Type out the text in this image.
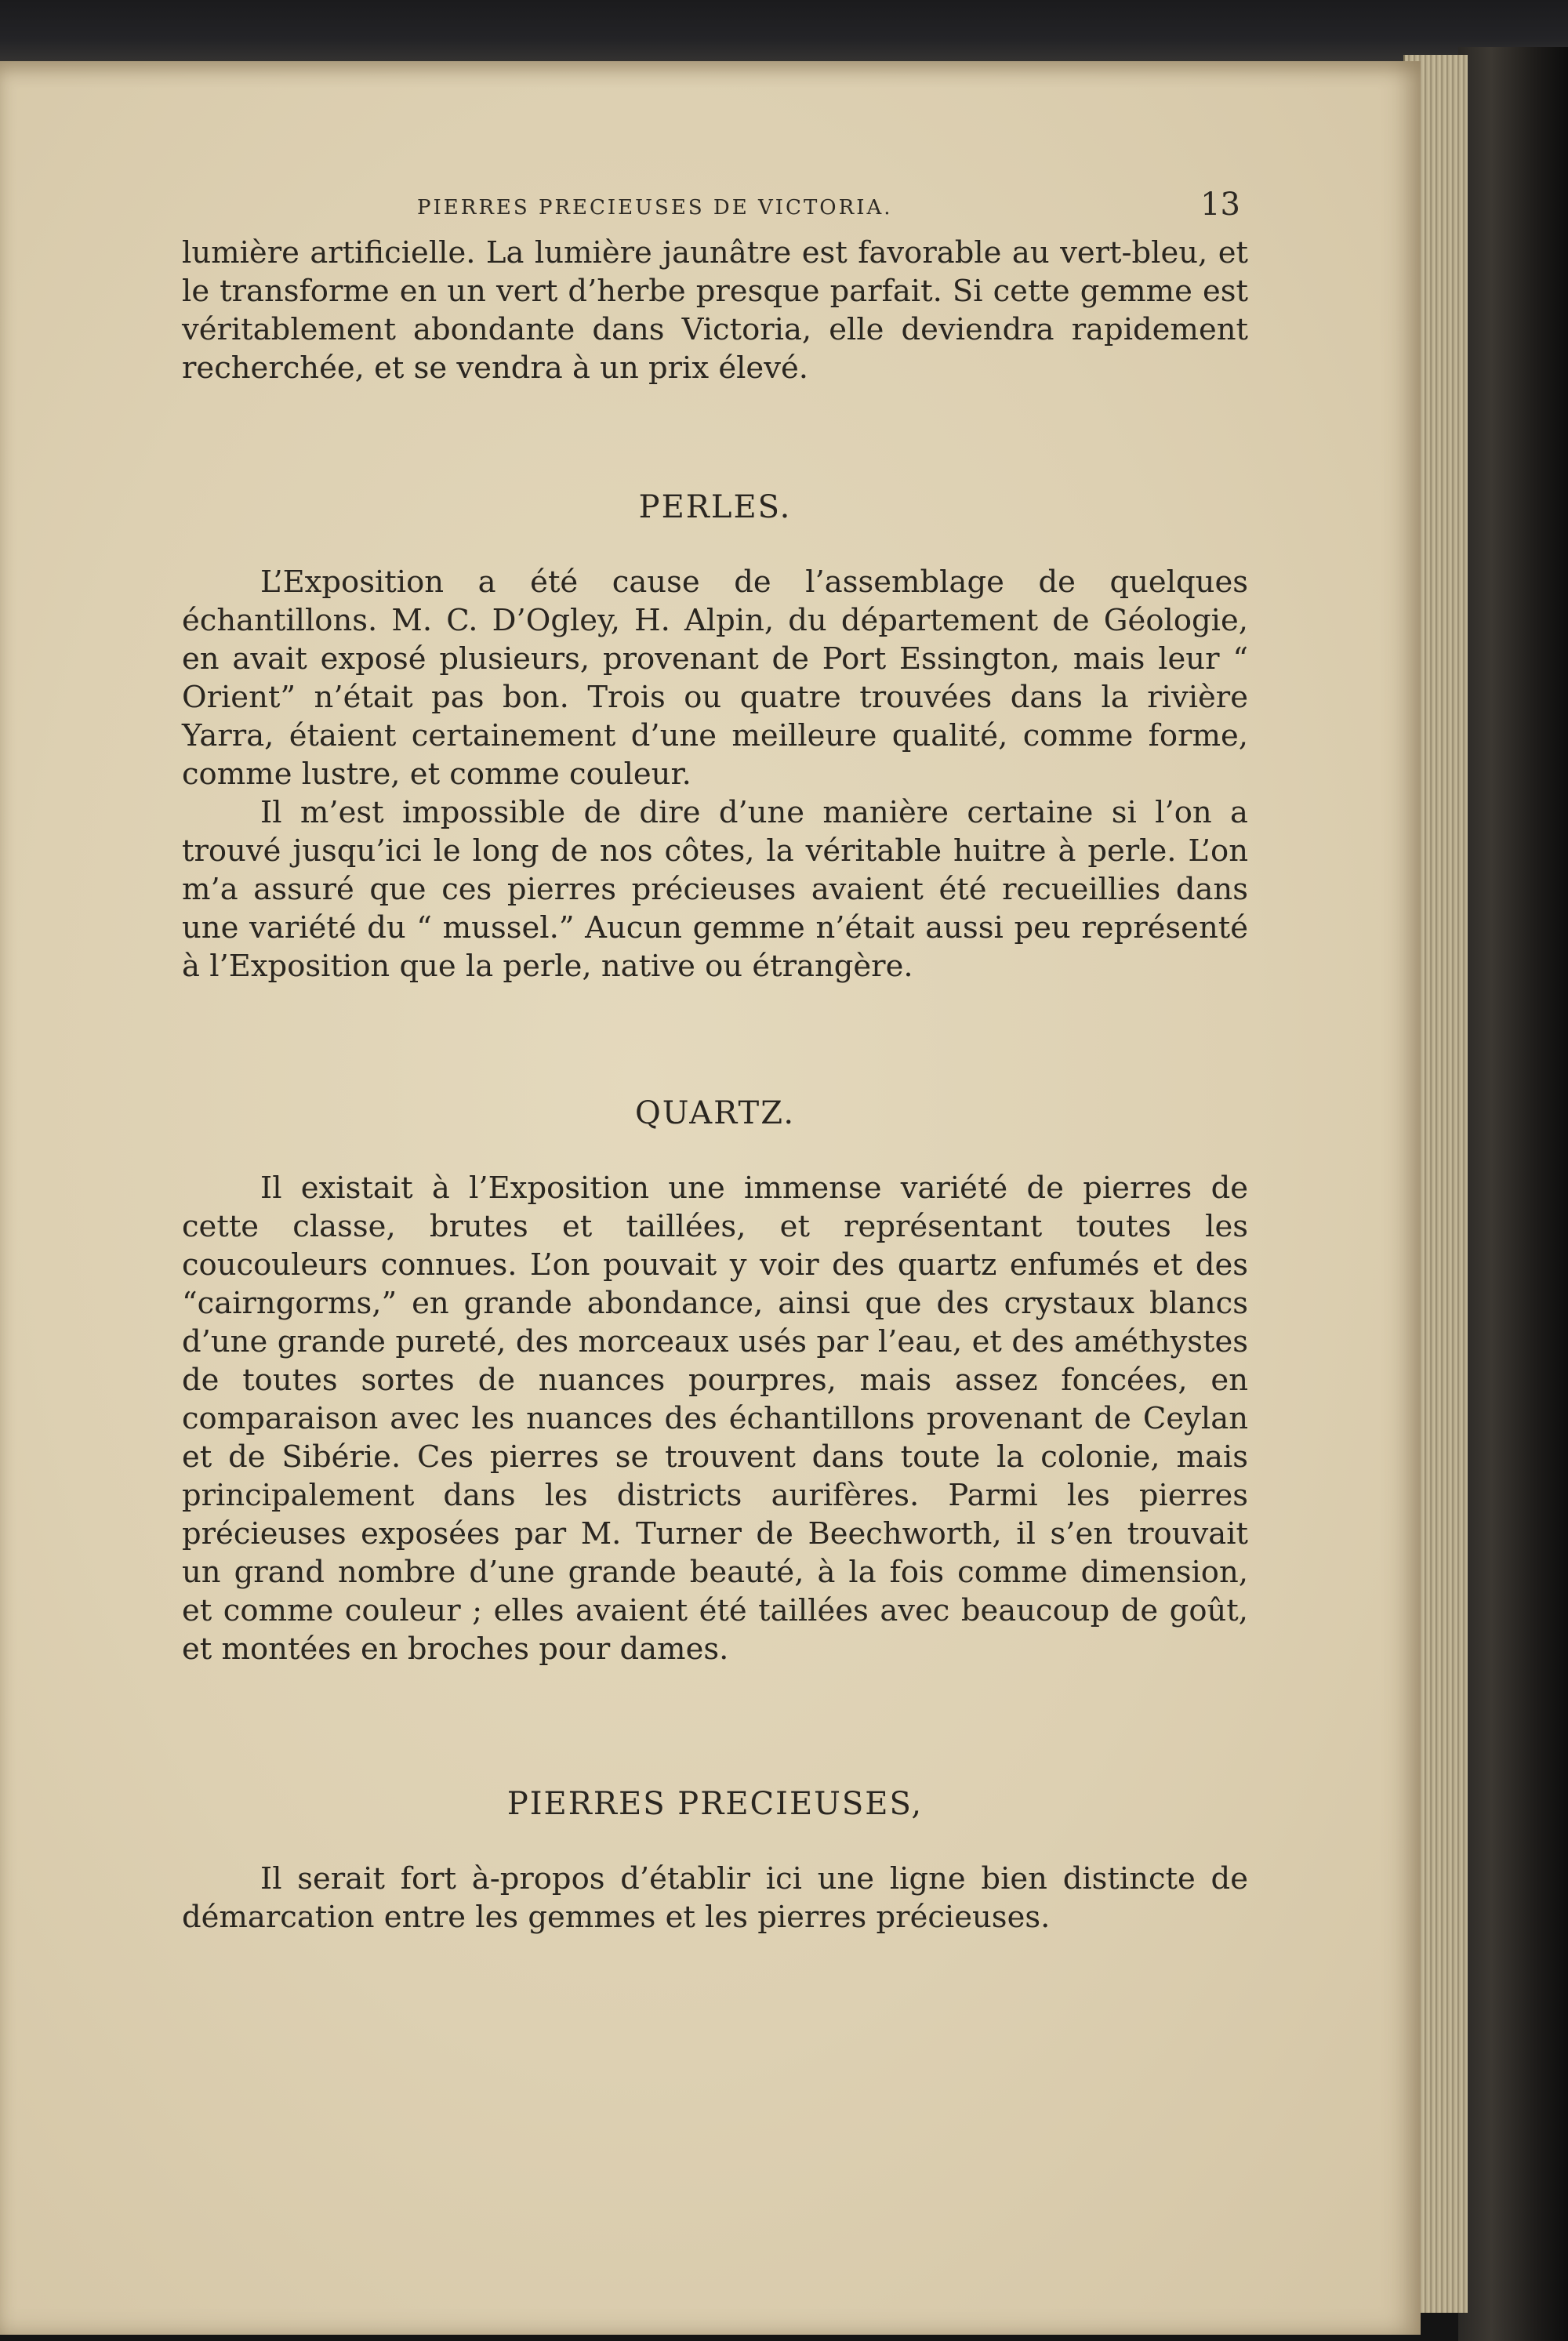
PIERRES PRECIEUSES DE VICTORIA.	13

lumière artificielle. La lumière jaunâtre est favorable au vert-bleu, et le transforme en un vert d’herbe presque parfait. Si cette gemme est véritablement abondante dans Victoria, elle deviendra rapidement recherchée, et se vendra à un prix élevé.

PERLES.

L’Exposition a été cause de l’assemblage de quelques échantillons. M. C. D’Ogley, H. Alpin, du département de Géologie, en avait exposé plusieurs, provenant de Port Essington, mais leur “ Orient” n’était pas bon. Trois ou quatre trouvées dans la rivière Yarra, étaient certainement d’une meilleure qualité, comme forme, comme lustre, et comme couleur.

Il m’est impossible de dire d’une manière certaine si l’on a trouvé jusqu’ici le long de nos côtes, la véritable huitre à perle. L’on m’a assuré que ces pierres précieuses avaient été recueillies dans une variété du “ mussel.” Aucun gemme n’était aussi peu représenté à l’Exposition que la perle, native ou étrangère.

QUARTZ.

Il existait à l’Exposition une immense variété de pierres de cette classe, brutes et taillées, et représentant toutes les coucouleurs connues. L’on pouvait y voir des quartz enfumés et des “cairngorms,” en grande abondance, ainsi que des crystaux blancs d’une grande pureté, des morceaux usés par l’eau, et des améthystes de toutes sortes de nuances pourpres, mais assez foncées, en comparaison avec les nuances des échantillons provenant de Ceylan et de Sibérie. Ces pierres se trouvent dans toute la colonie, mais principalement dans les districts aurifères. Parmi les pierres précieuses exposées par M. Turner de Beechworth, il s’en trouvait un grand nombre d’une grande beauté, à la fois comme dimension, et comme couleur ; elles avaient été taillées avec beaucoup de goût, et montées en broches pour dames.

PIERRES PRECIEUSES,

Il serait fort à-propos d’établir ici une ligne bien distincte de démarcation entre les gemmes et les pierres précieuses.
